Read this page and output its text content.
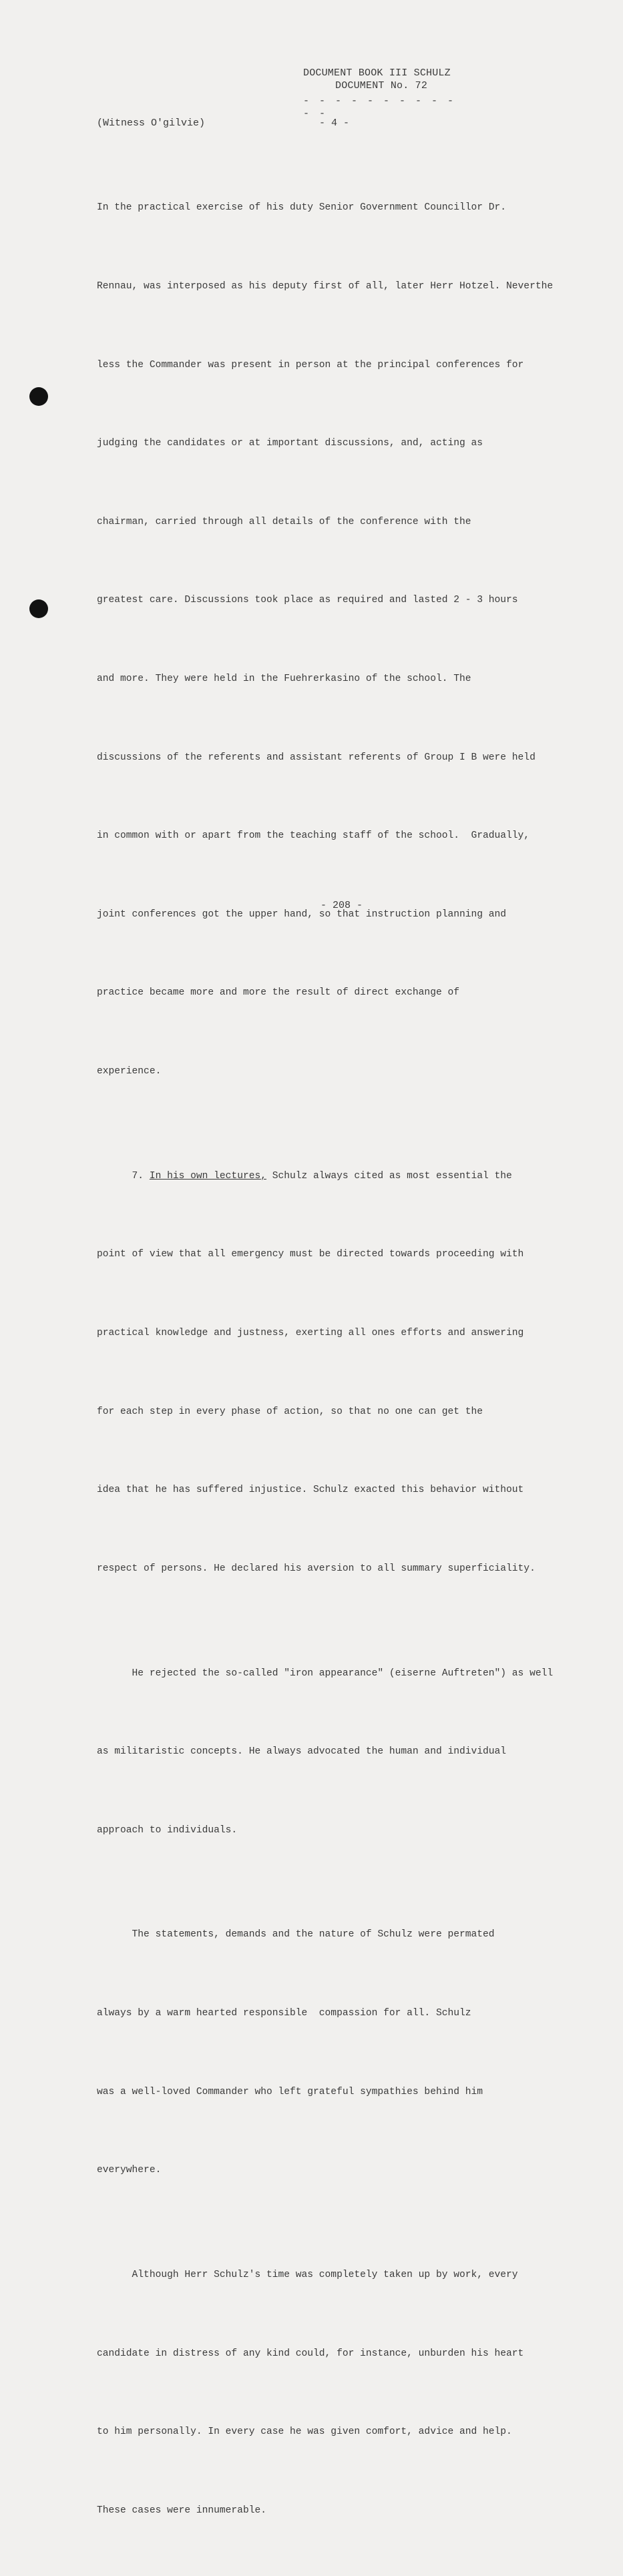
DOCUMENT BOOK III SCHULZ
DOCUMENT No. 72
- - - - - - - - - - - -
(Witness O'gilvie)	- 4 -

In the practical exercise of his duty Senior Government Councillor Dr.

Rennau, was interposed as his deputy first of all, later Herr Hotzel. Neverthe

less the Commander was present in person at the principal conferences for

judging the candidates or at important discussions, and, acting as

chairman, carried through all details of the conference with the

greatest care. Discussions took place as required and lasted 2 - 3 hours

and more. They were held in the Fuehrerkasino of the school. The

discussions of the referents and assistant referents of Group I B were held

in common with or apart from the teaching staff of the school.  Gradually,

joint conferences got the upper hand, so that instruction planning and

practice became more and more the result of direct exchange of

experience.

7. In his own lectures, Schulz always cited as most essential the

point of view that all emergency must be directed towards proceeding with

practical knowledge and justness, exerting all ones efforts and answering

for each step in every phase of action, so that no one can get the

idea that he has suffered injustice. Schulz exacted this behavior without

respect of persons. He declared his aversion to all summary superficiality.

He rejected the so-called "iron appearance" (eiserne Auftreten") as well

as militaristic concepts. He always advocated the human and individual

approach to individuals.

The statements, demands and the nature of Schulz were permated

always by a warm hearted responsible  compassion for all. Schulz

was a well-loved Commander who left grateful sympathies behind him

everywhere.

Although Herr Schulz's time was completely taken up by work, every

candidate in distress of any kind could, for instance, unburden his heart

to him personally. In every case he was given comfort, advice and help.

These cases were innumerable.

- 208 -
